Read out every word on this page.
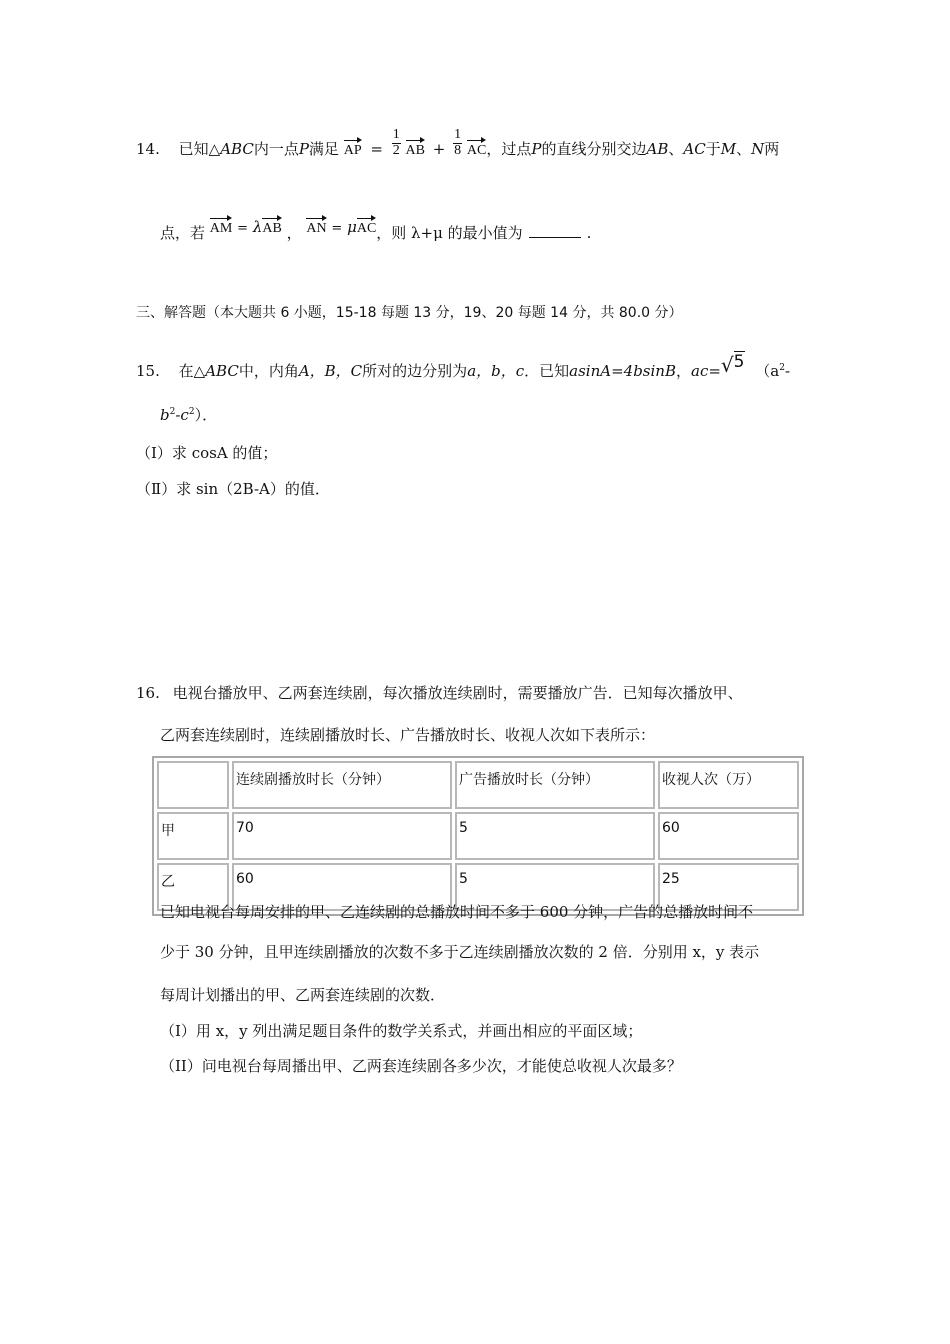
14. 已知△ABC内一点P满足 AP = $\frac{1}{2}$ AB + $\frac{1}{8}$ AC，过点P的直线分别交边AB、AC于M、N两
点，若 AM = λAB ， AN = μAC，则 λ+μ 的最小值为	.
三、解答题（本大题共 6 小题，15-18 每题 13 分，19、20 每题 14 分，共 80.0 分）
15. 在△ABC中，内角A，B，C所对的边分别为a，b，c．已知asinA=4bsinB，ac=√5 （$a^2-$
$b^2-c^2$）．
（Ⅰ）求 cosA 的值；
（Ⅱ）求 sin（2B-A）的值．
16. 电视台播放甲、乙两套连续剧，每次播放连续剧时，需要播放广告．已知每次播放甲、
乙两套连续剧时，连续剧播放时长、广告播放时长、收视人次如下表所示：
	连续剧播放时长（分钟）	广告播放时长（分钟）	收视人次（万）
甲	70	5	60
乙	60	5	25
已知电视台每周安排的甲、乙连续剧的总播放时间不多于 600 分钟，广告的总播放时间不
少于 30 分钟，且甲连续剧播放的次数不多于乙连续剧播放次数的 2 倍．分别用 x，y 表示
每周计划播出的甲、乙两套连续剧的次数．
（I）用 x，y 列出满足题目条件的数学关系式，并画出相应的平面区域；
（II）问电视台每周播出甲、乙两套连续剧各多少次，才能使总收视人次最多？
